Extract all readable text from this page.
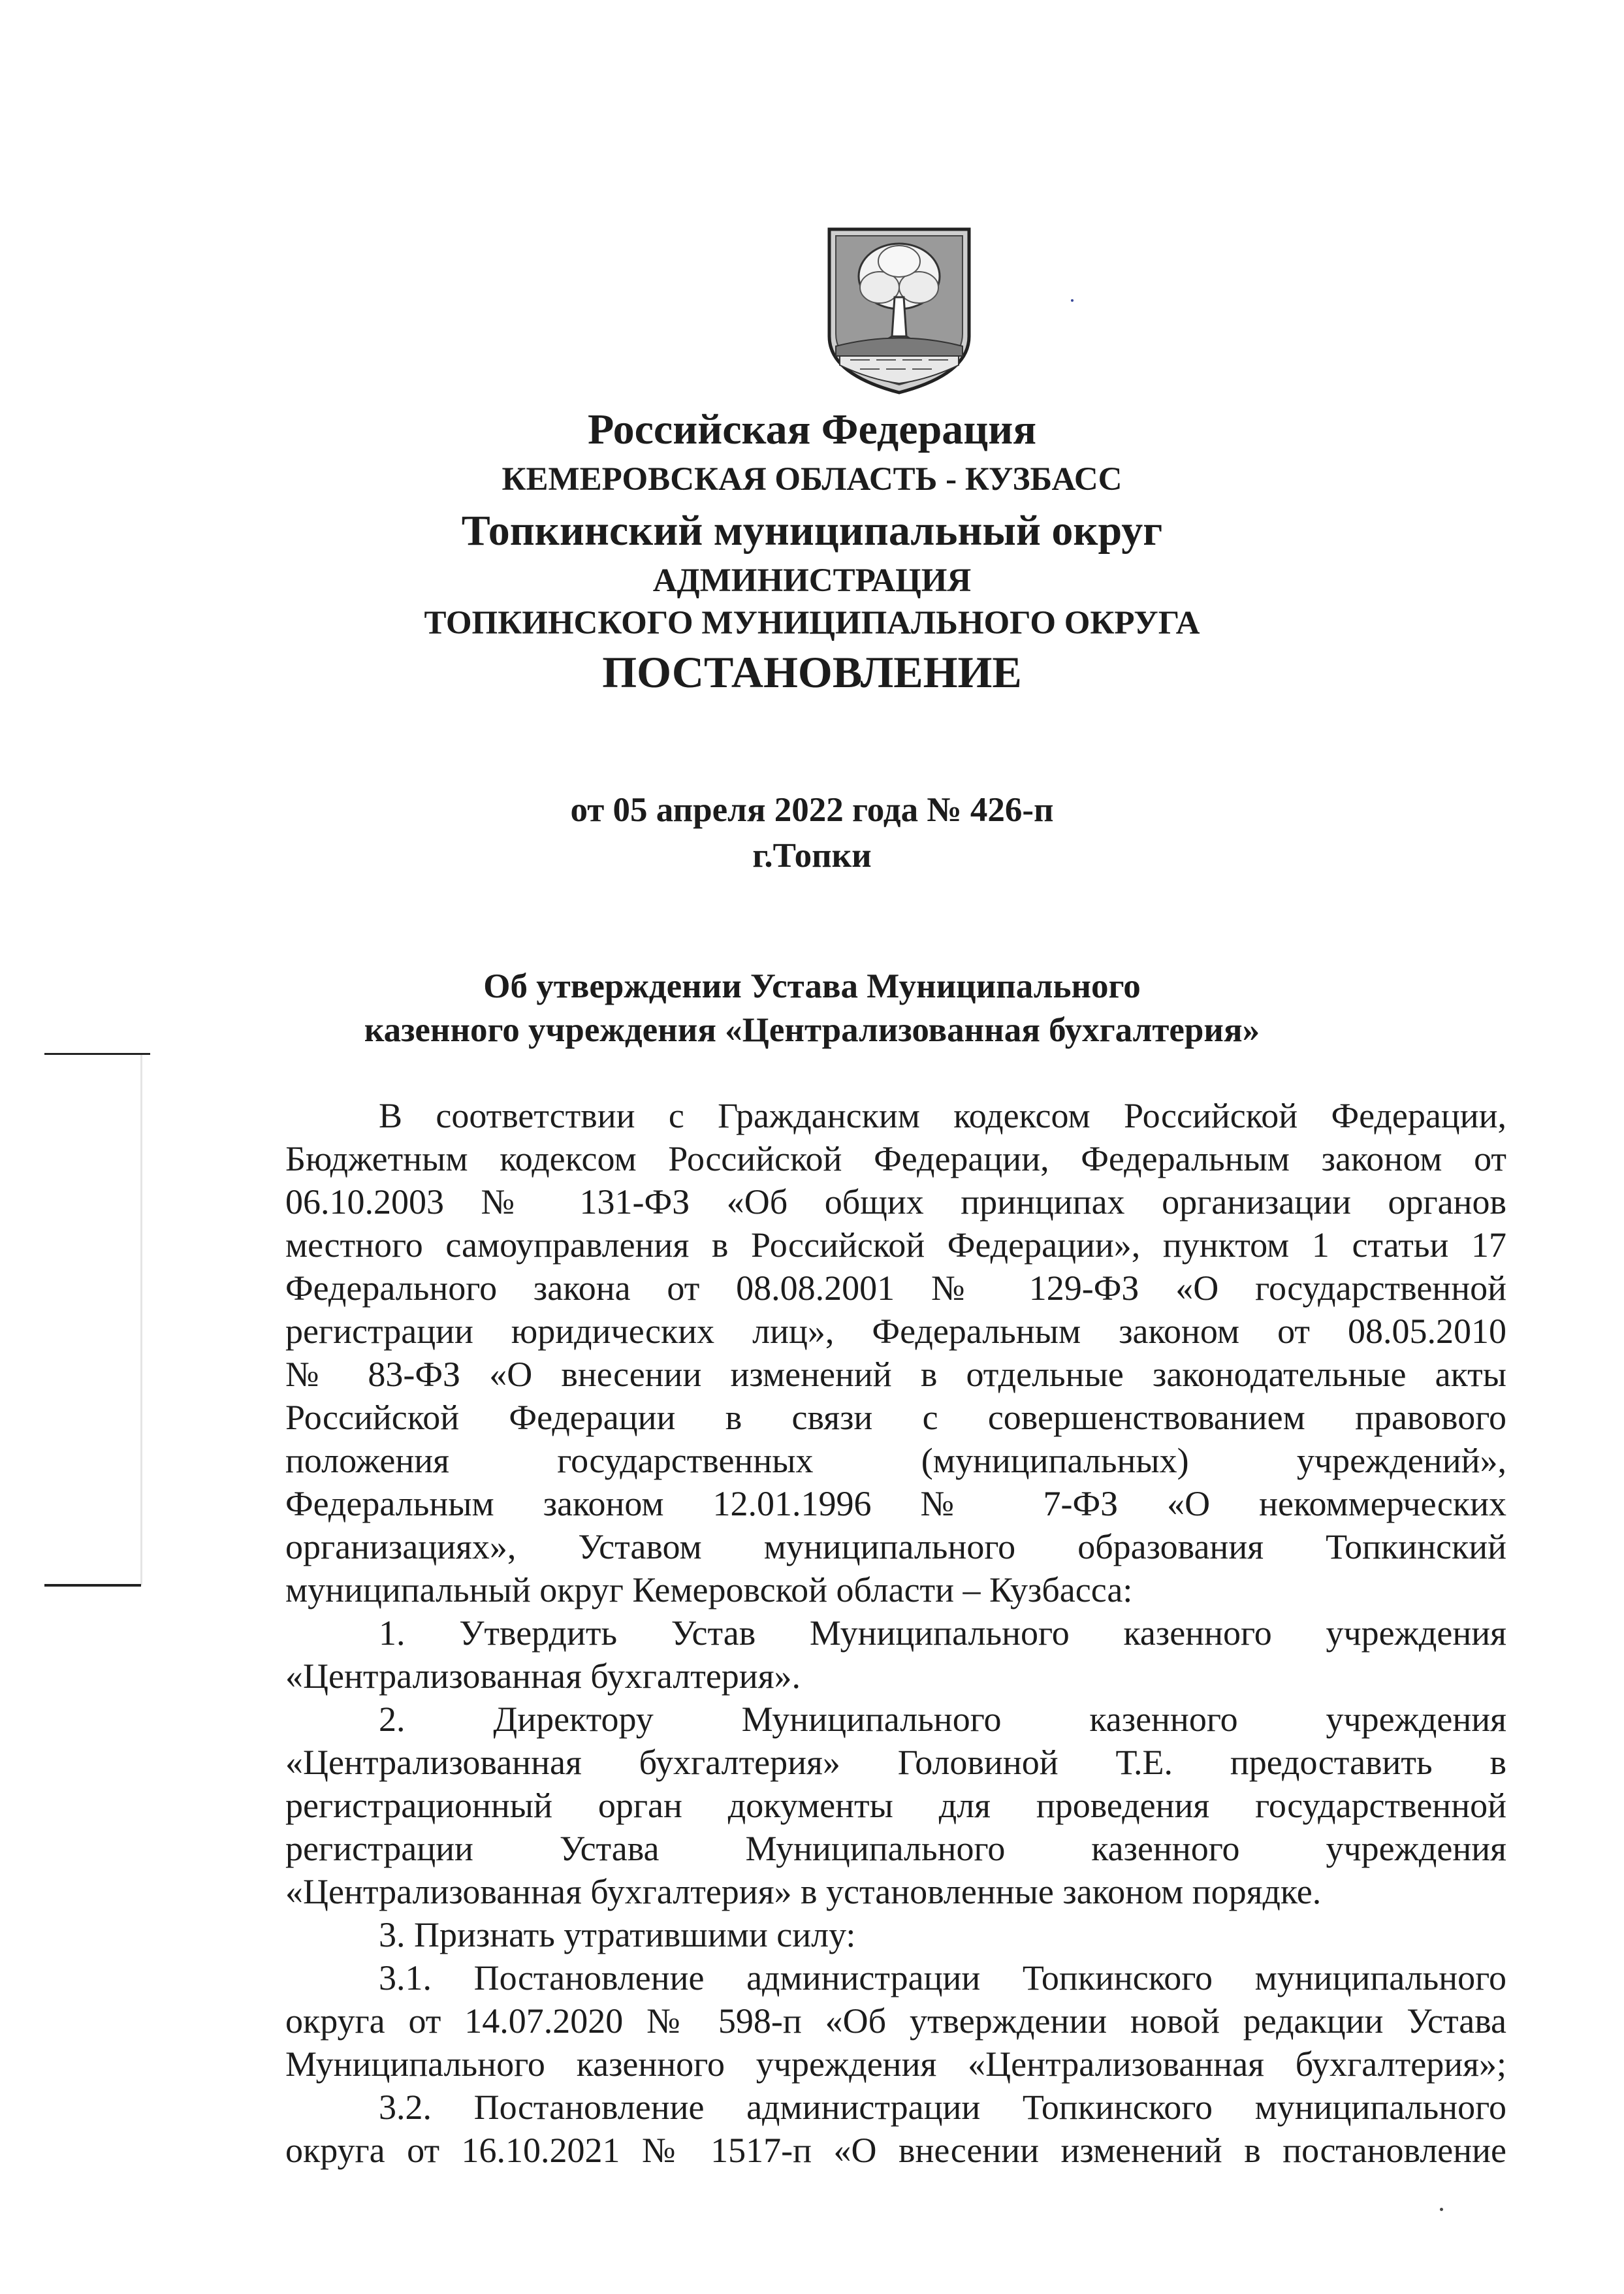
Российская Федерация
КЕМЕРОВСКАЯ ОБЛАСТЬ - КУЗБАСС
Топкинский муниципальный округ
АДМИНИСТРАЦИЯ
ТОПКИНСКОГО МУНИЦИПАЛЬНОГО ОКРУГА
ПОСТАНОВЛЕНИЕ
от 05 апреля 2022 года № 426-п
г.Топки
Об утверждении Устава Муниципального
казенного учреждения «Централизованная бухгалтерия»
В соответствии с Гражданским кодексом Российской Федерации,
Бюджетным кодексом Российской Федерации, Федеральным законом от
06.10.2003 № 131-ФЗ «Об общих принципах организации органов
местного самоуправления в Российской Федерации», пунктом 1 статьи 17
Федерального закона от 08.08.2001 № 129-ФЗ «О государственной
регистрации юридических лиц», Федеральным законом от 08.05.2010
№ 83-ФЗ «О внесении изменений в отдельные законодательные акты
Российской Федерации в связи с совершенствованием правового
положения государственных (муниципальных) учреждений»,
Федеральным законом 12.01.1996 № 7-ФЗ «О некоммерческих
организациях», Уставом муниципального образования Топкинский
муниципальный округ Кемеровской области – Кузбасса:
1. Утвердить Устав Муниципального казенного учреждения
«Централизованная бухгалтерия».
2. Директору Муниципального казенного учреждения
«Централизованная бухгалтерия» Головиной Т.Е. предоставить в
регистрационный орган документы для проведения государственной
регистрации Устава Муниципального казенного учреждения
«Централизованная бухгалтерия» в установленные законом порядке.
3. Признать утратившими силу:
3.1. Постановление администрации Топкинского муниципального
округа от 14.07.2020 № 598-п «Об утверждении новой редакции Устава
Муниципального казенного учреждения «Централизованная бухгалтерия»;
3.2. Постановление администрации Топкинского муниципального
округа от 16.10.2021 № 1517-п «О внесении изменений в постановление
